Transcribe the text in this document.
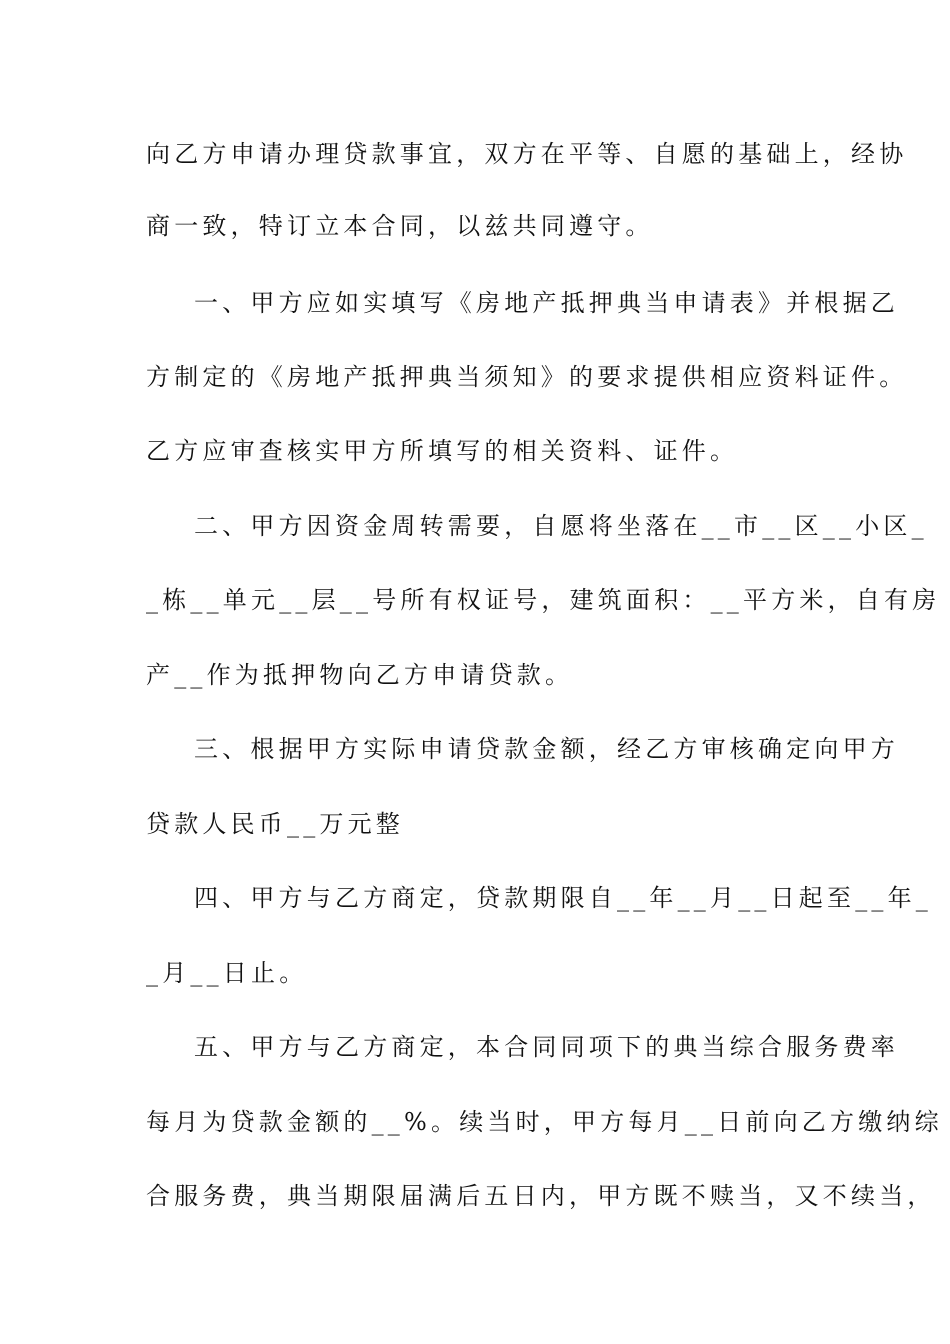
向乙方申请办理贷款事宜，双方在平等、自愿的基础上，经协
商一致，特订立本合同，以兹共同遵守。
一、甲方应如实填写《房地产抵押典当申请表》并根据乙
方制定的《房地产抵押典当须知》的要求提供相应资料证件。
乙方应审查核实甲方所填写的相关资料、证件。
二、甲方因资金周转需要，自愿将坐落在__市__区__小区_
_栋__单元__层__号所有权证号，建筑面积：__平方米，自有房
产__作为抵押物向乙方申请贷款。
三、根据甲方实际申请贷款金额，经乙方审核确定向甲方
贷款人民币__万元整
四、甲方与乙方商定，贷款期限自__年__月__日起至__年_
_月__日止。
五、甲方与乙方商定，本合同同项下的典当综合服务费率
每月为贷款金额的__%。续当时，甲方每月__日前向乙方缴纳综
合服务费，典当期限届满后五日内，甲方既不赎当，又不续当，
